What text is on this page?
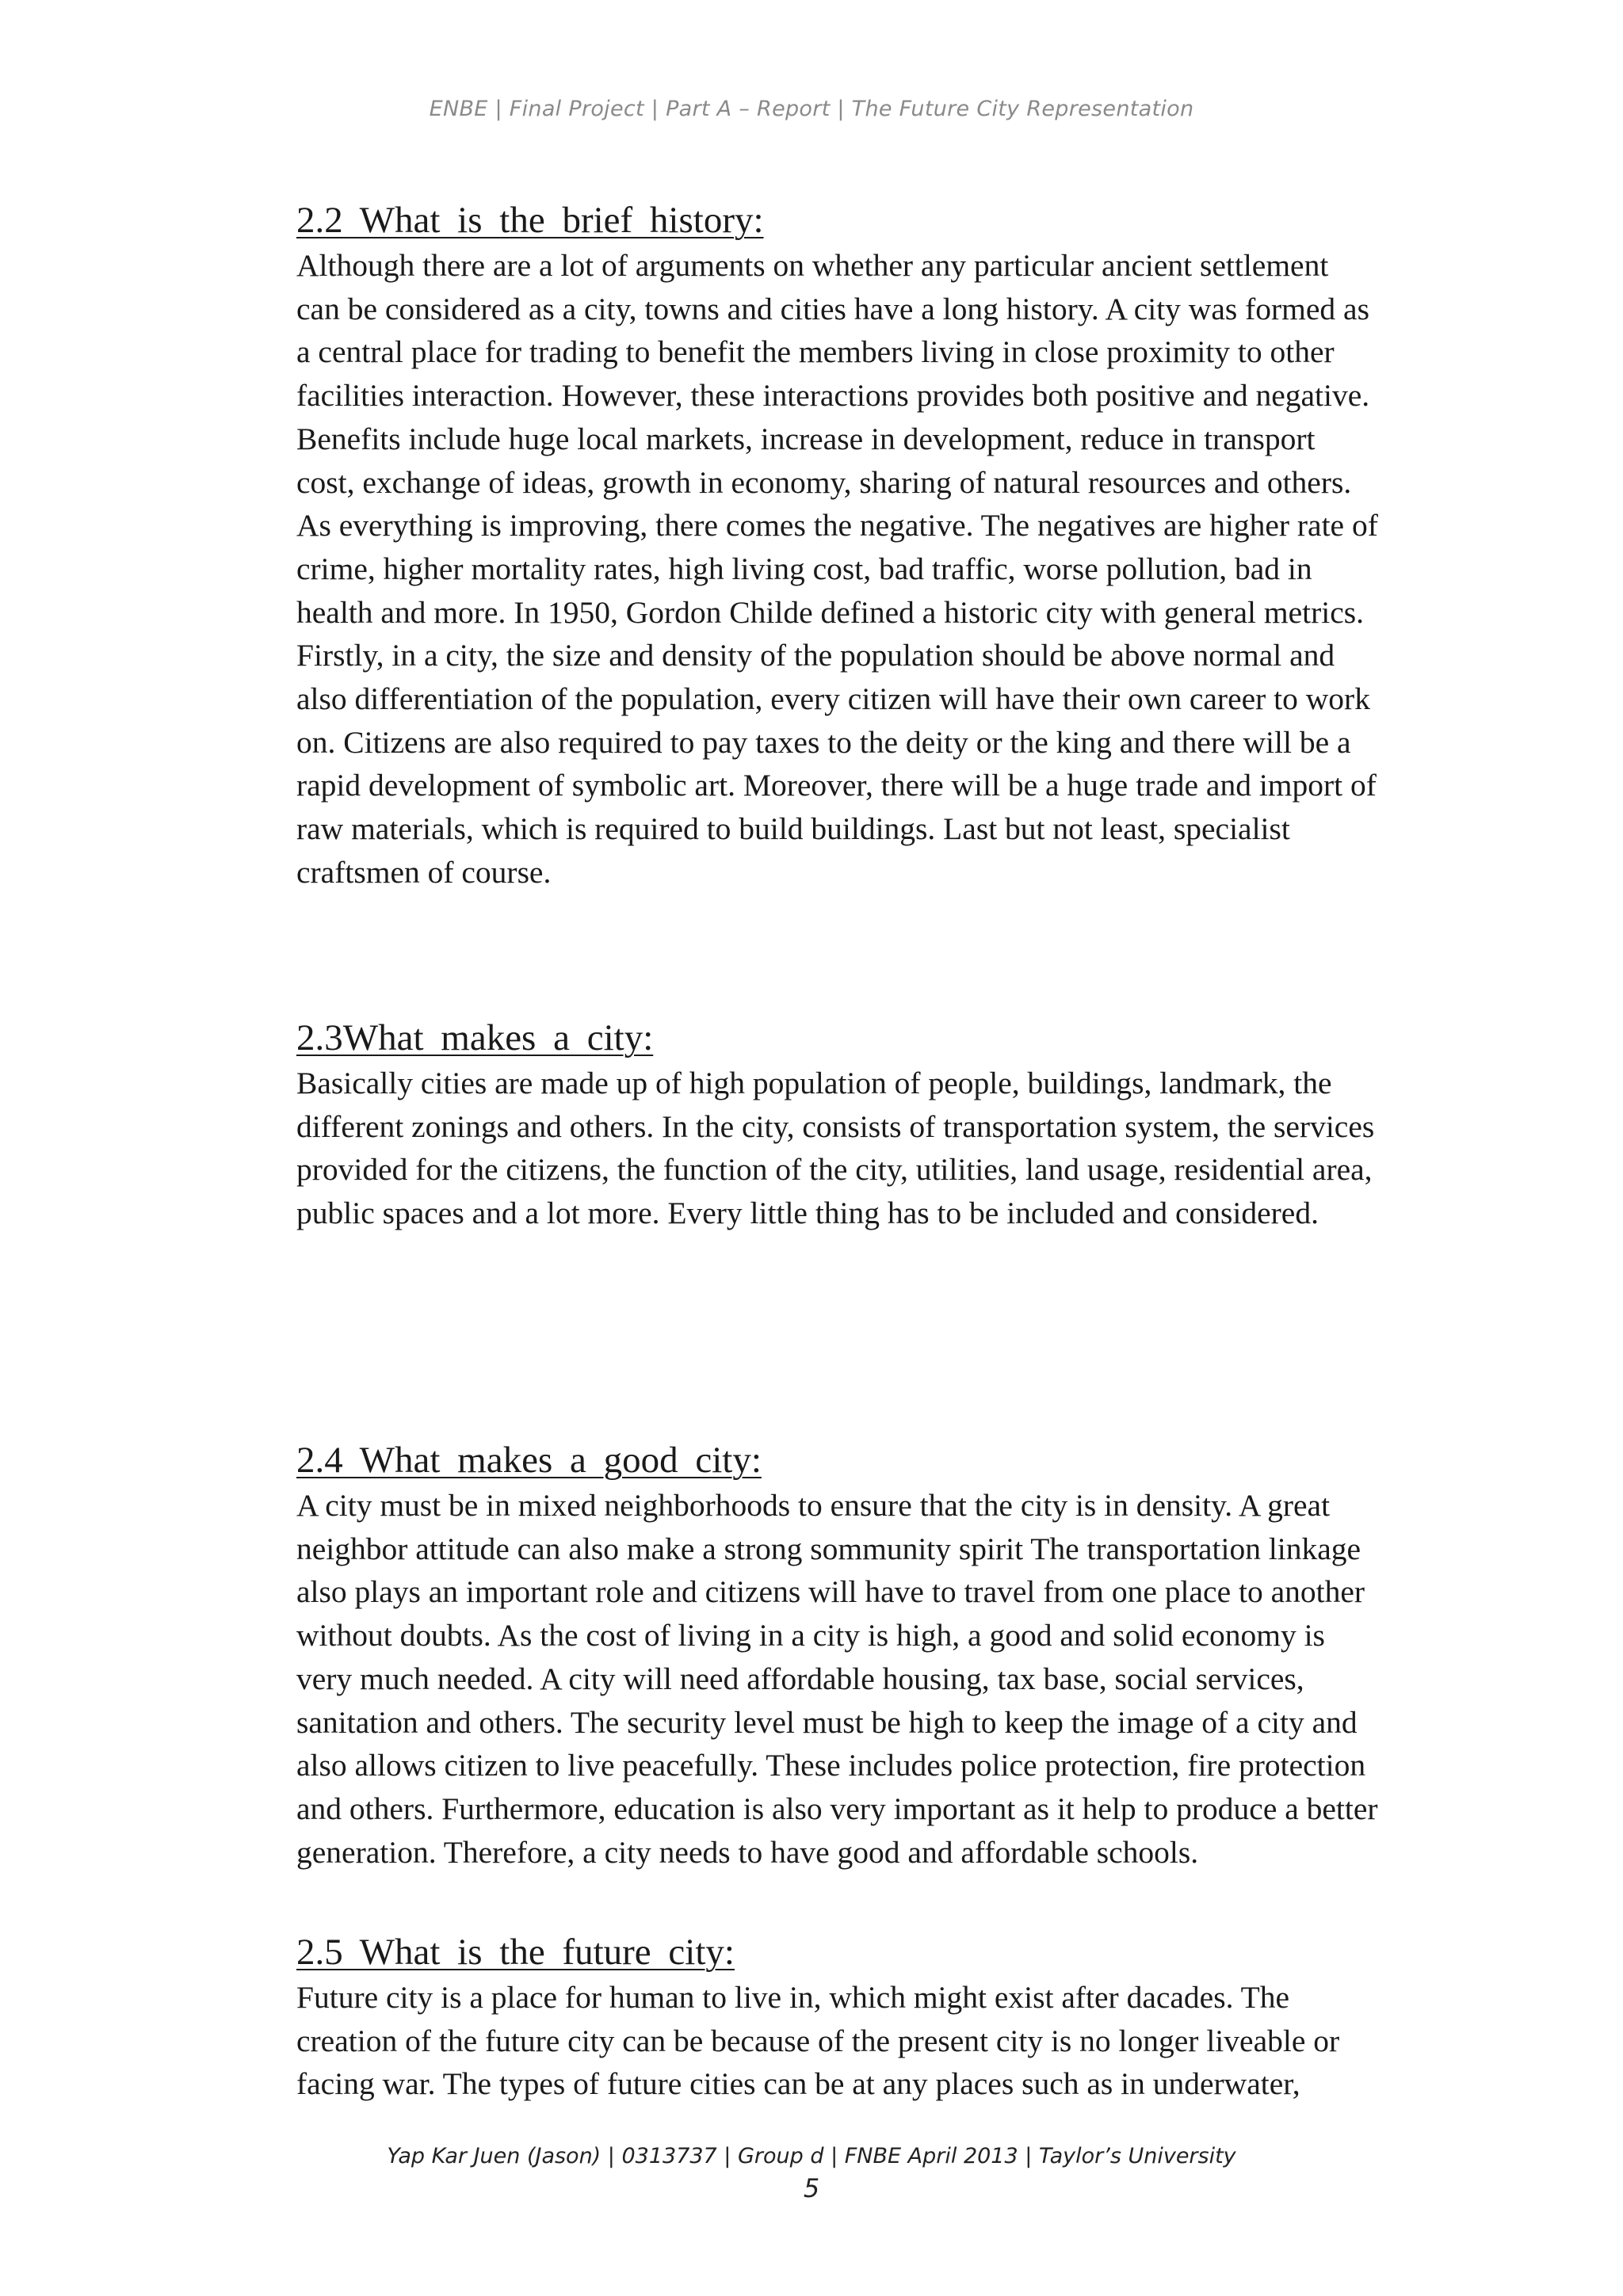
ENBE | Final Project | Part A – Report | The Future City Representation
2.2 What is the brief history:

Although there are a lot of arguments on whether any particular ancient settlement
can be considered as a city, towns and cities have a long history. A city was formed as
a central place for trading to benefit the members living in close proximity to other
facilities interaction. However, these interactions provides both positive and negative.
Benefits include huge local markets, increase in development, reduce in transport
cost, exchange of ideas, growth in economy, sharing of natural resources and others.
As everything is improving, there comes the negative. The negatives are higher rate of
crime, higher mortality rates, high living cost, bad traffic, worse pollution, bad in
health and more. In 1950, Gordon Childe defined a historic city with general metrics.
Firstly, in a city, the size and density of the population should be above normal and
also differentiation of the population, every citizen will have their own career to work
on. Citizens are also required to pay taxes to the deity or the king and there will be a
rapid development of symbolic art. Moreover, there will be a huge trade and import of
raw materials, which is required to build buildings. Last but not least, specialist
craftsmen of course.

2.3What makes a city:

Basically cities are made up of high population of people, buildings, landmark, the
different zonings and others. In the city, consists of transportation system, the services
provided for the citizens, the function of the city, utilities, land usage, residential area,
public spaces and a lot more. Every little thing has to be included and considered.

2.4 What makes a good city:

A city must be in mixed neighborhoods to ensure that the city is in density. A great
neighbor attitude can also make a strong sommunity spirit The transportation linkage
also plays an important role and citizens will have to travel from one place to another
without doubts. As the cost of living in a city is high, a good and solid economy is
very much needed. A city will need affordable housing, tax base, social services,
sanitation and others. The security level must be high to keep the image of a city and
also allows citizen to live peacefully. These includes police protection, fire protection
and others. Furthermore, education is also very important as it help to produce a better
generation. Therefore, a city needs to have good and affordable schools.

2.5 What is the future city:

Future city is a place for human to live in, which might exist after dacades. The
creation of the future city can be because of the present city is no longer liveable or
facing war. The types of future cities can be at any places such as in underwater,

Yap Kar Juen (Jason) | 0313737 | Group d | FNBE April 2013 | Taylor’s University
5
